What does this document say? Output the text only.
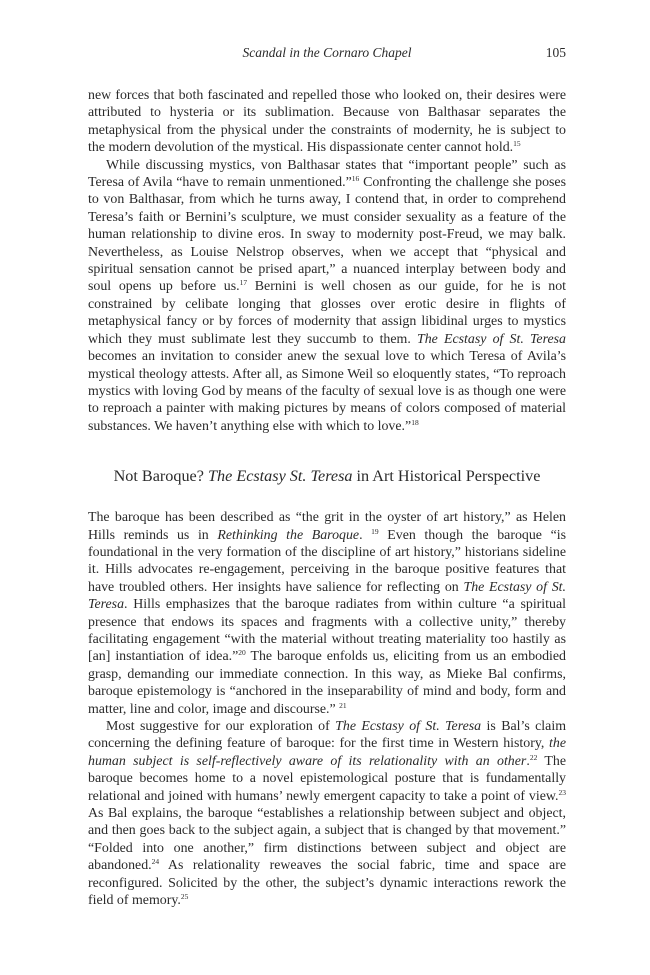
Scandal in the Cornaro Chapel	105

new forces that both fascinated and repelled those who looked on, their desires were attributed to hysteria or its sublimation. Because von Balthasar separates the metaphysical from the physical under the constraints of modernity, he is subject to the modern devolution of the mystical. His dispassionate center cannot hold.$^{15}$

While discussing mystics, von Balthasar states that “important people” such as Teresa of Avila “have to remain unmentioned.”$^{16}$ Confronting the challenge she poses to von Balthasar, from which he turns away, I contend that, in order to comprehend Teresa’s faith or Bernini’s sculpture, we must consider sexuality as a feature of the human relationship to divine eros. In sway to modernity post-Freud, we may balk. Nevertheless, as Louise Nelstrop observes, when we accept that “physical and spiritual sensation cannot be prised apart,” a nuanced interplay between body and soul opens up before us.$^{17}$ Bernini is well chosen as our guide, for he is not constrained by celibate longing that glosses over erotic desire in flights of metaphysical fancy or by forces of modernity that assign libidinal urges to mystics which they must sublimate lest they succumb to them. The Ecstasy of St. Teresa becomes an invitation to consider anew the sexual love to which Teresa of Avila’s mystical theology attests. After all, as Simone Weil so eloquently states, “To reproach mystics with loving God by means of the faculty of sexual love is as though one were to reproach a painter with making pictures by means of colors composed of material substances. We haven’t anything else with which to love.”$^{18}$

Not Baroque? The Ecstasy St. Teresa in Art Historical Perspective

The baroque has been described as “the grit in the oyster of art history,” as Helen Hills reminds us in Rethinking the Baroque. $^{19}$ Even though the baroque “is foundational in the very formation of the discipline of art history,” historians sideline it. Hills advocates re-engagement, perceiving in the baroque positive features that have troubled others. Her insights have salience for reflecting on The Ecstasy of St. Teresa. Hills emphasizes that the baroque radiates from within culture “a spiritual presence that endows its spaces and fragments with a collective unity,” thereby facilitating engagement “with the material without treating materiality too hastily as [an] instantiation of idea.”$^{20}$ The baroque enfolds us, eliciting from us an embodied grasp, demanding our immediate connection. In this way, as Mieke Bal confirms, baroque epistemology is “anchored in the inseparability of mind and body, form and matter, line and color, image and discourse.” $^{21}$

Most suggestive for our exploration of The Ecstasy of St. Teresa is Bal’s claim concerning the defining feature of baroque: for the first time in Western history, the human subject is self-reflectively aware of its relationality with an other.$^{22}$ The baroque becomes home to a novel epistemological posture that is fundamentally relational and joined with humans’ newly emergent capacity to take a point of view.$^{23}$ As Bal explains, the baroque “establishes a relationship between subject and object, and then goes back to the subject again, a subject that is changed by that movement.” “Folded into one another,” firm distinctions between subject and object are abandoned.$^{24}$ As relationality reweaves the social fabric, time and space are reconfigured. Solicited by the other, the subject’s dynamic interactions rework the field of memory.$^{25}$
